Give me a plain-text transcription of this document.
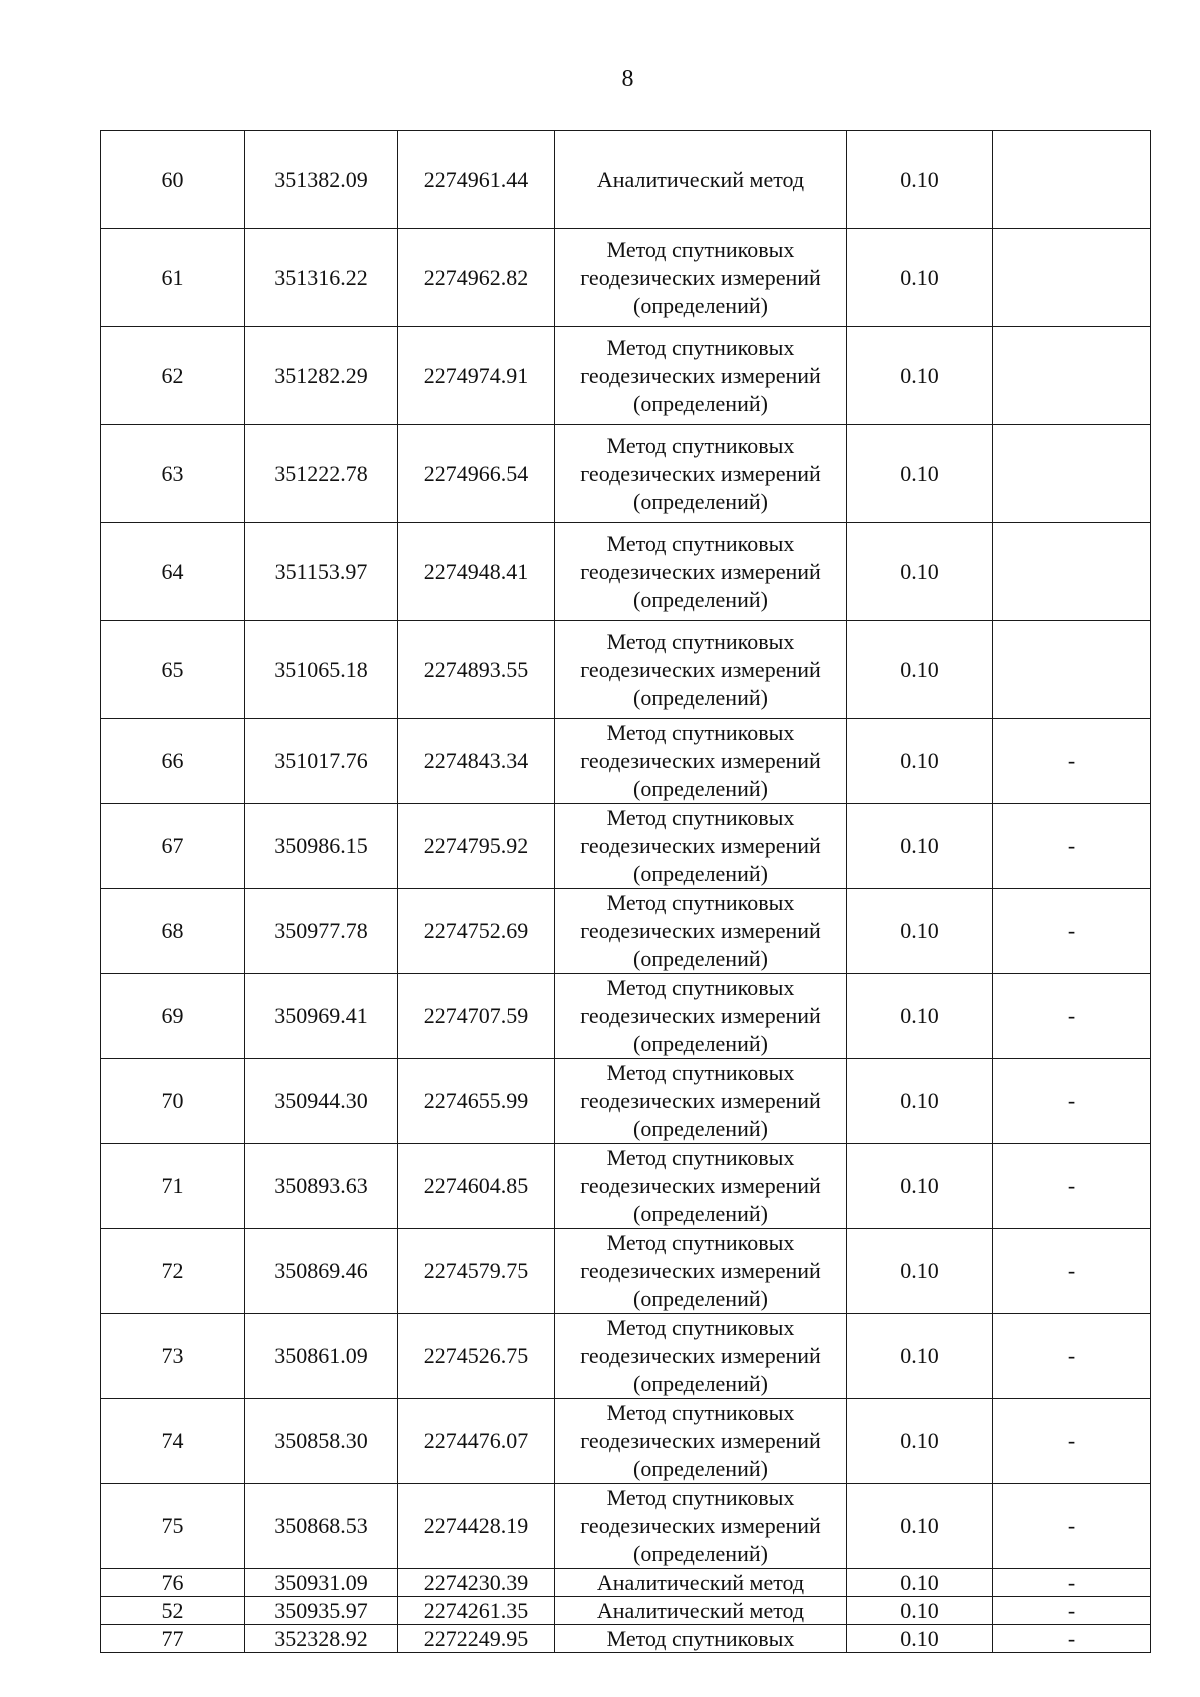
8
60	351382.09	2274961.44	Аналитический метод	0.10	
61	351316.22	2274962.82	Метод спутниковых геодезических измерений (определений)	0.10	
62	351282.29	2274974.91	Метод спутниковых геодезических измерений (определений)	0.10	
63	351222.78	2274966.54	Метод спутниковых геодезических измерений (определений)	0.10	
64	351153.97	2274948.41	Метод спутниковых геодезических измерений (определений)	0.10	
65	351065.18	2274893.55	Метод спутниковых геодезических измерений (определений)	0.10	
66	351017.76	2274843.34	Метод спутниковых геодезических измерений (определений)	0.10	-
67	350986.15	2274795.92	Метод спутниковых геодезических измерений (определений)	0.10	-
68	350977.78	2274752.69	Метод спутниковых геодезических измерений (определений)	0.10	-
69	350969.41	2274707.59	Метод спутниковых геодезических измерений (определений)	0.10	-
70	350944.30	2274655.99	Метод спутниковых геодезических измерений (определений)	0.10	-
71	350893.63	2274604.85	Метод спутниковых геодезических измерений (определений)	0.10	-
72	350869.46	2274579.75	Метод спутниковых геодезических измерений (определений)	0.10	-
73	350861.09	2274526.75	Метод спутниковых геодезических измерений (определений)	0.10	-
74	350858.30	2274476.07	Метод спутниковых геодезических измерений (определений)	0.10	-
75	350868.53	2274428.19	Метод спутниковых геодезических измерений (определений)	0.10	-
76	350931.09	2274230.39	Аналитический метод	0.10	-
52	350935.97	2274261.35	Аналитический метод	0.10	-
77	352328.92	2272249.95	Метод спутниковых	0.10	-
